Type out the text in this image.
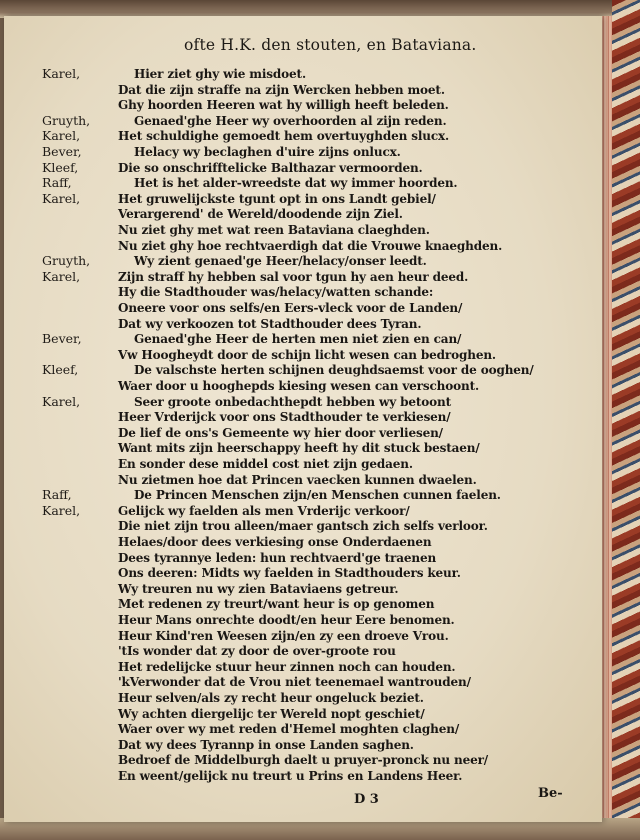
ofte H.K. den stouten, en Bataviana.
Karel,	Hier ziet ghy wie misdoet.
Dat die zijn straffe na zijn Wercken hebben moet.
Ghy hoorden Heeren wat hy willigh heeft beleden.
Gruyth,	Genaed'ghe Heer wy overhoorden al zijn reden.
Karel,	Het schuldighe gemoedt hem overtuyghden slucx.
Bever,	Helacy wy beclaghen d'uire zijns onlucx.
Kleef,	Die so onschrifftelicke Balthazar vermoorden.
Raff,	Het is het alder-wreedste dat wy immer hoorden.
Karel,	Het gruwelijckste tgunt opt in ons Landt gebiel/
Verargerend' de Wereld/doodende zijn Ziel.
Nu ziet ghy met wat reen Bataviana claeghden.
Nu ziet ghy hoe rechtvaerdigh dat die Vrouwe knaeghden.
Gruyth,	Wy zient genaed'ge Heer/helacy/onser leedt.
Karel,	Zijn straff hy hebben sal voor tgun hy aen heur deed.
Hy die Stadthouder was/helacy/watten schande:
Oneere voor ons selfs/en Eers-vleck voor de Landen/
Dat wy verkoozen tot Stadthouder dees Tyran.
Bever,	Genaed'ghe Heer de herten men niet zien en can/
Vw Hoogheydt door de schijn licht wesen can bedroghen.
Kleef,	De valschste herten schijnen deughdsaemst voor de ooghen/
Waer door u hooghepds kiesing wesen can verschoont.
Karel,	Seer groote onbedachthepdt hebben wy betoont
Heer Vrderijck voor ons Stadthouder te verkiesen/
De lief de ons's Gemeente wy hier door verliesen/
Want mits zijn heerschappy heeft hy dit stuck bestaen/
En sonder dese middel cost niet zijn gedaen.
Nu zietmen hoe dat Princen vaecken kunnen dwaelen.
Raff,	De Princen Menschen zijn/en Menschen cunnen faelen.
Karel,	Gelijck wy faelden als men Vrderijc verkoor/
Die niet zijn trou alleen/maer gantsch zich selfs verloor.
Helaes/door dees verkiesing onse Onderdaenen
Dees tyrannye leden: hun rechtvaerd'ge traenen
Ons deeren: Midts wy faelden in Stadthouders keur.
Wy treuren nu wy zien Bataviaens getreur.
Met redenen zy treurt/want heur is op genomen
Heur Mans onrechte doodt/en heur Eere benomen.
Heur Kind'ren Weesen zijn/en zy een droeve Vrou.
'tIs wonder dat zy door de over-groote rou
Het redelijcke stuur heur zinnen noch can houden.
'kVerwonder dat de Vrou niet teenemael wantrouden/
Heur selven/als zy recht heur ongeluck beziet.
Wy achten diergelijc ter Wereld nopt geschiet/
Waer over wy met reden d'Hemel moghten claghen/
Dat wy dees Tyrannp in onse Landen saghen.
Bedroef de Middelburgh daelt u pruyer-pronck nu neer/
En weent/gelijck nu treurt u Prins en Landens Heer.
D 3	Be-
